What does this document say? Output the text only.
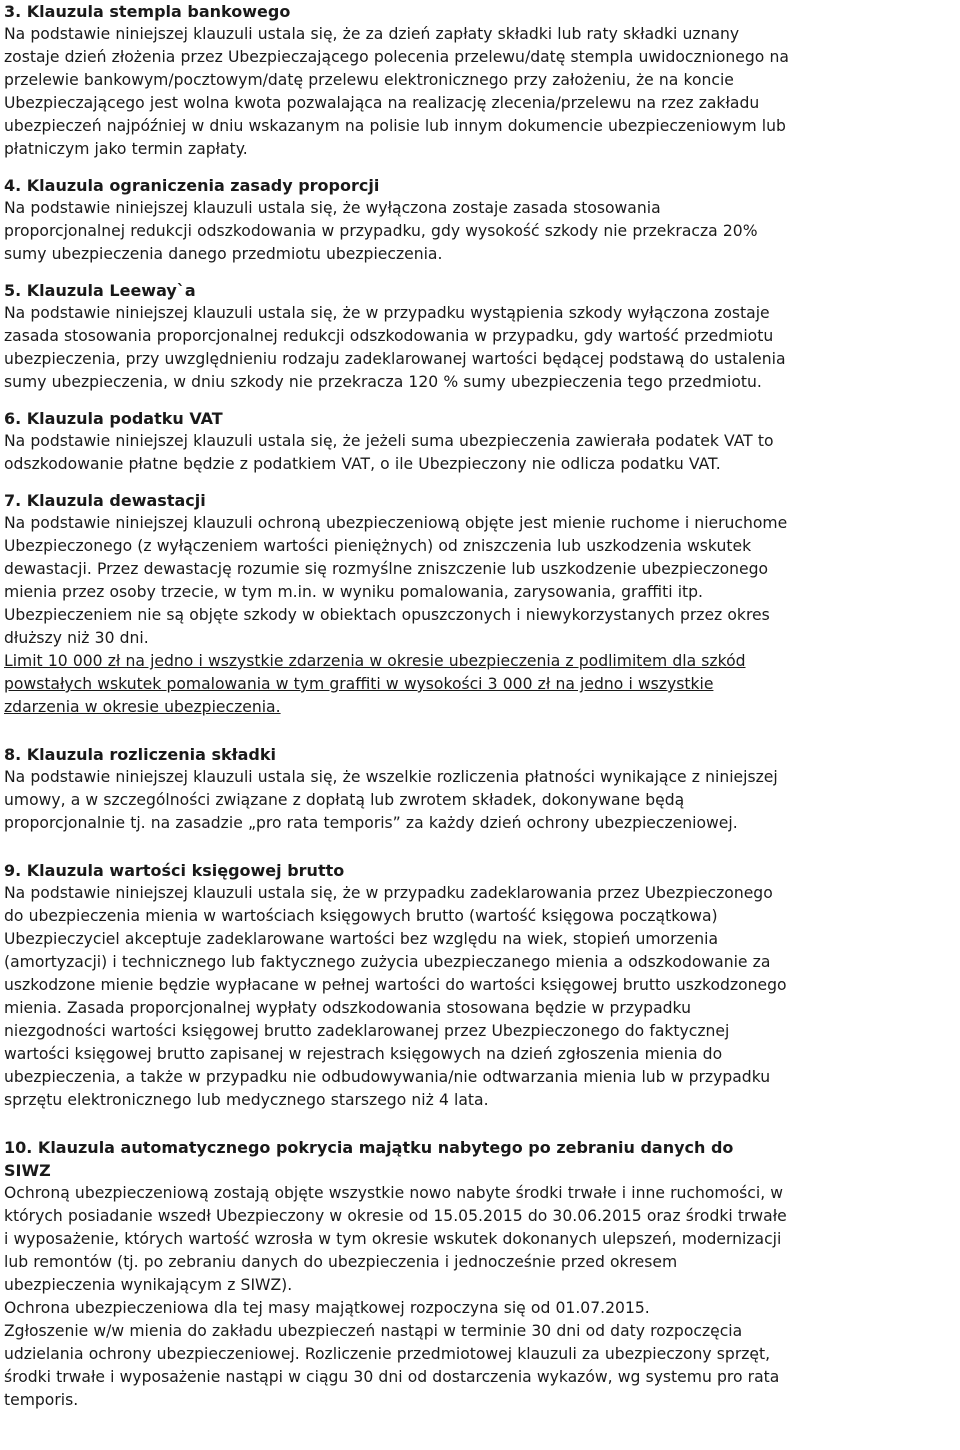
3. Klauzula stempla bankowego

Na podstawie niniejszej klauzuli ustala się, że za dzień zapłaty składki lub raty składki uznany
zostaje dzień złożenia przez Ubezpieczającego polecenia przelewu/datę stempla uwidocznionego na
przelewie bankowym/pocztowym/datę przelewu elektronicznego przy założeniu, że na koncie
Ubezpieczającego jest wolna kwota pozwalająca na realizację zlecenia/przelewu na rzez zakładu
ubezpieczeń najpóźniej w dniu wskazanym na polisie lub innym dokumencie ubezpieczeniowym lub
płatniczym jako termin zapłaty.

4. Klauzula ograniczenia zasady proporcji

Na podstawie niniejszej klauzuli ustala się, że wyłączona zostaje zasada stosowania
proporcjonalnej redukcji odszkodowania w przypadku, gdy wysokość szkody nie przekracza 20%
sumy ubezpieczenia danego przedmiotu ubezpieczenia.

5. Klauzula Leeway`a

Na podstawie niniejszej klauzuli ustala się, że w przypadku wystąpienia szkody wyłączona zostaje
zasada stosowania proporcjonalnej redukcji odszkodowania w przypadku, gdy wartość przedmiotu
ubezpieczenia, przy uwzględnieniu rodzaju zadeklarowanej wartości będącej podstawą do ustalenia
sumy ubezpieczenia, w dniu szkody nie przekracza 120 % sumy ubezpieczenia tego przedmiotu.

6. Klauzula podatku VAT

Na podstawie niniejszej klauzuli ustala się, że jeżeli suma ubezpieczenia zawierała podatek VAT to
odszkodowanie płatne będzie z podatkiem VAT, o ile Ubezpieczony nie odlicza podatku VAT.

7. Klauzula dewastacji

Na podstawie niniejszej klauzuli ochroną ubezpieczeniową objęte jest mienie ruchome i nieruchome
Ubezpieczonego (z wyłączeniem wartości pieniężnych) od zniszczenia lub uszkodzenia wskutek
dewastacji. Przez dewastację rozumie się rozmyślne zniszczenie lub uszkodzenie ubezpieczonego
mienia przez osoby trzecie, w tym m.in. w wyniku pomalowania, zarysowania, graffiti itp.
Ubezpieczeniem nie są objęte szkody w obiektach opuszczonych i niewykorzystanych przez okres
dłuższy niż 30 dni.

Limit 10 000 zł na jedno i wszystkie zdarzenia w okresie ubezpieczenia z podlimitem dla szkód
powstałych wskutek pomalowania w tym graffiti w wysokości 3 000 zł na jedno i wszystkie
zdarzenia w okresie ubezpieczenia.

8. Klauzula rozliczenia składki

Na podstawie niniejszej klauzuli ustala się, że wszelkie rozliczenia płatności wynikające z niniejszej
umowy, a w szczególności związane z dopłatą lub zwrotem składek, dokonywane będą
proporcjonalnie tj. na zasadzie „pro rata temporis” za każdy dzień ochrony ubezpieczeniowej.

9. Klauzula wartości księgowej brutto

Na podstawie niniejszej klauzuli ustala się, że w przypadku zadeklarowania przez Ubezpieczonego
do ubezpieczenia mienia w wartościach księgowych brutto (wartość księgowa początkowa)
Ubezpieczyciel akceptuje zadeklarowane wartości bez względu na wiek, stopień umorzenia
(amortyzacji) i technicznego lub faktycznego zużycia ubezpieczanego mienia a odszkodowanie za
uszkodzone mienie będzie wypłacane w pełnej wartości do wartości księgowej brutto uszkodzonego
mienia. Zasada proporcjonalnej wypłaty odszkodowania stosowana będzie w przypadku
niezgodności wartości księgowej brutto zadeklarowanej przez Ubezpieczonego do faktycznej
wartości księgowej brutto zapisanej w rejestrach księgowych na dzień zgłoszenia mienia do
ubezpieczenia, a także w przypadku nie odbudowywania/nie odtwarzania mienia lub w przypadku
sprzętu elektronicznego lub medycznego starszego niż 4 lata.

10. Klauzula automatycznego pokrycia majątku nabytego po zebraniu danych do
SIWZ

Ochroną ubezpieczeniową zostają objęte wszystkie nowo nabyte środki trwałe i inne ruchomości, w
których posiadanie wszedł Ubezpieczony w okresie od 15.05.2015 do 30.06.2015 oraz środki trwałe
i wyposażenie, których wartość wzrosła w tym okresie wskutek dokonanych ulepszeń, modernizacji
lub remontów (tj. po zebraniu danych do ubezpieczenia i jednocześnie przed okresem
ubezpieczenia wynikającym z SIWZ).

Ochrona ubezpieczeniowa dla tej masy majątkowej rozpoczyna się od 01.07.2015.

Zgłoszenie w/w mienia do zakładu ubezpieczeń nastąpi w terminie 30 dni od daty rozpoczęcia
udzielania ochrony ubezpieczeniowej. Rozliczenie przedmiotowej klauzuli za ubezpieczony sprzęt,
środki trwałe i wyposażenie nastąpi w ciągu 30 dni od dostarczenia wykazów, wg systemu pro rata
temporis.
